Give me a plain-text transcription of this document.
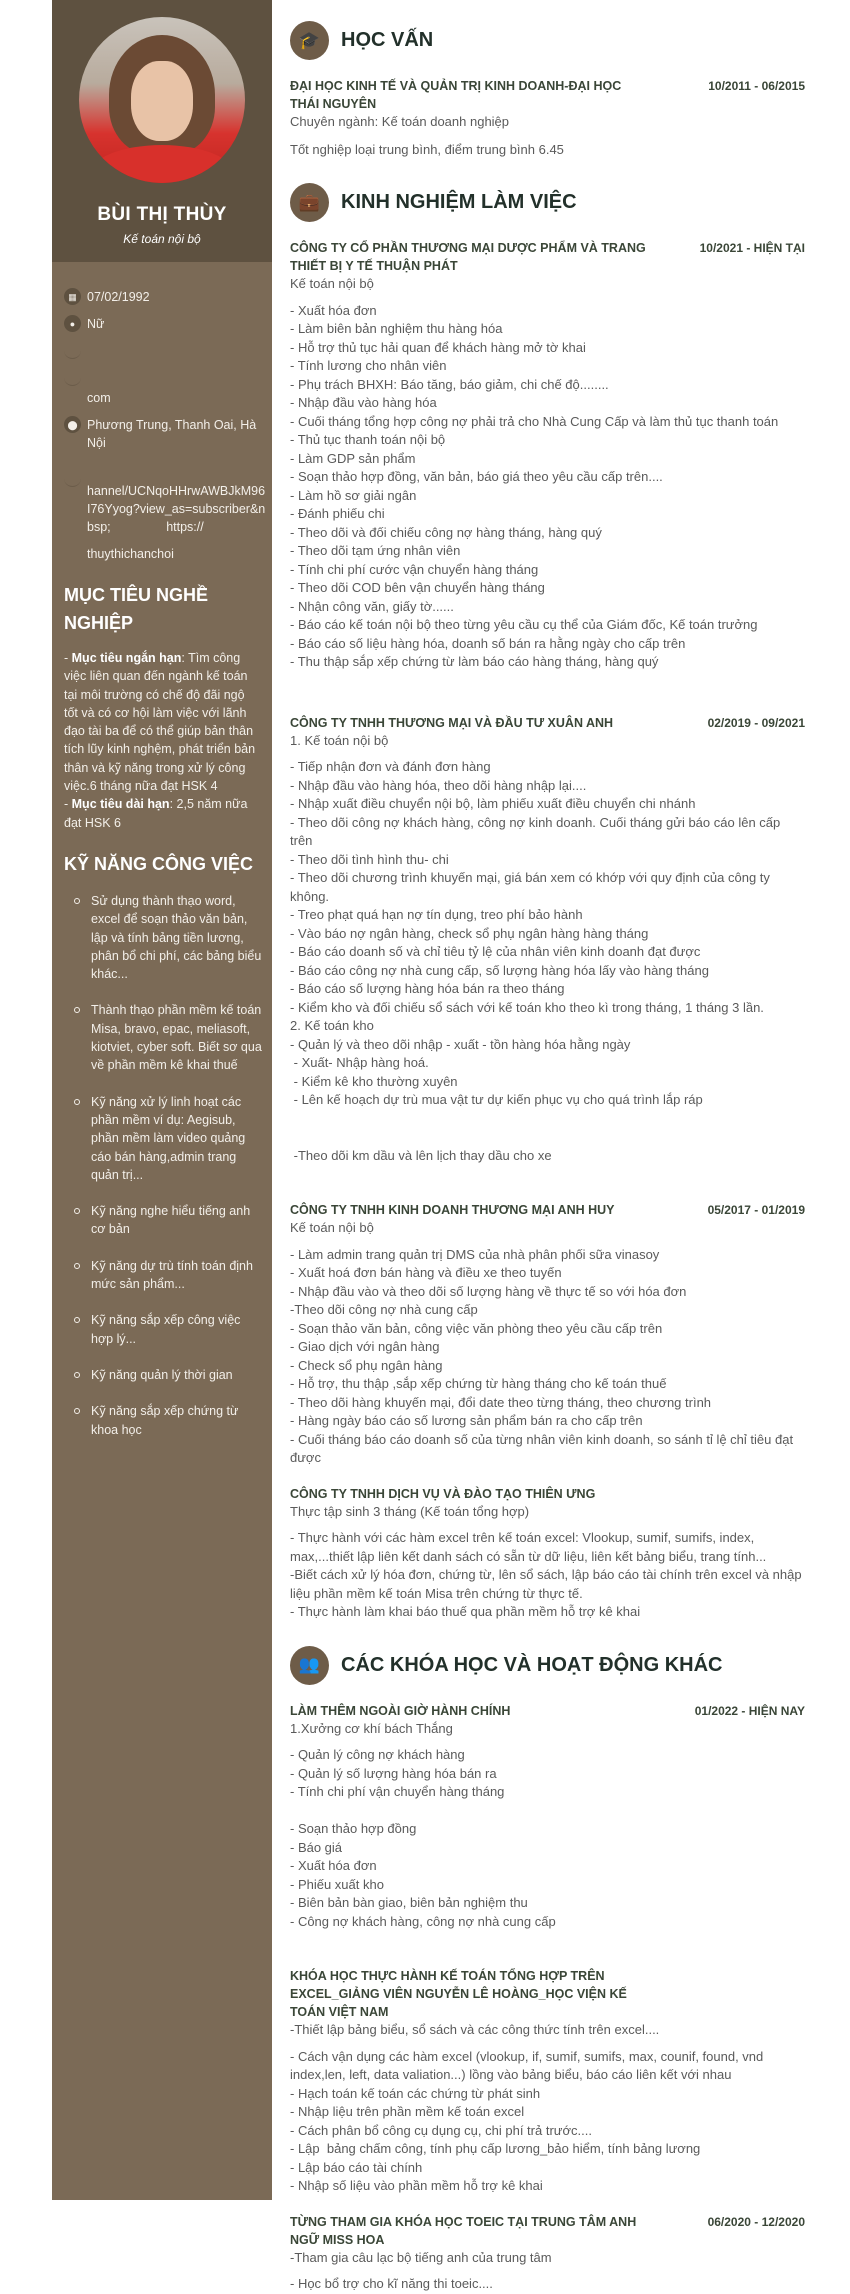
BÙI THỊ THÙY
Kế toán nội bộ
▦ 07/02/1992
● Nữ
com
⬤ Phương Trung, Thanh Oai, Hà Nội
hannel/UCNqoHHrwAWBJkM96I76Yyog?view_as=subscriber&nbsp;                https://
thuythichanchoi
MỤC TIÊU NGHỀ NGHIỆP
- Mục tiêu ngắn hạn: Tìm công việc liên quan đến ngành kế toán tại môi trường có chế độ đãi ngộ tốt và có cơ hội làm việc với lãnh đạo tài ba để có thể giúp bản thân tích lũy kinh nghệm, phát triển bản thân và kỹ năng trong xử lý công việc.6 tháng nữa đạt HSK 4
- Mục tiêu dài hạn: 2,5 năm nữa đạt HSK 6
KỸ NĂNG CÔNG VIỆC
Sử dụng thành thạo word, excel để soạn thảo văn bản, lập và tính bảng tiền lương, phân bổ chi phí, các bảng biểu khác...
Thành thạo phần mềm kế toán Misa, bravo, epac, meliasoft, kiotviet, cyber soft. Biết sơ qua về phần mềm kê khai thuế
Kỹ năng xử lý linh hoạt các phần mềm ví dụ: Aegisub, phần mềm làm video quảng cáo bán hàng,admin trang quản trị...
Kỹ năng nghe hiểu tiếng anh cơ bản
Kỹ năng dự trù tính toán định mức sản phẩm...
Kỹ năng sắp xếp công việc hợp lý...
Kỹ năng quản lý thời gian
Kỹ năng sắp xếp chứng từ khoa học
🎓	HỌC VẤN
ĐẠI HỌC KINH TẾ VÀ QUẢN TRỊ KINH DOANH-ĐẠI HỌC THÁI NGUYÊN
10/2011 - 06/2015
Chuyên ngành: Kế toán doanh nghiệp
Tốt nghiệp loại trung bình, điểm trung bình 6.45
💼	KINH NGHIỆM LÀM VIỆC
CÔNG TY CỔ PHẦN THƯƠNG MẠI DƯỢC PHẨM VÀ TRANG THIẾT BỊ Y TẾ THUẬN PHÁT
10/2021 - HIỆN TẠI
Kế toán nội bộ
- Xuất hóa đơn
- Làm biên bản nghiệm thu hàng hóa
- Hỗ trợ thủ tục hải quan để khách hàng mở tờ khai
- Tính lương cho nhân viên
- Phụ trách BHXH: Báo tăng, báo giảm, chi chế độ........
- Nhập đầu vào hàng hóa
- Cuối tháng tổng hợp công nợ phải trả cho Nhà Cung Cấp và làm thủ tục thanh toán
- Thủ tục thanh toán nội bộ
- Làm GDP sản phẩm
- Soạn thảo hợp đồng, văn bản, báo giá theo yêu cầu cấp trên....
- Làm hồ sơ giải ngân
- Đánh phiếu chi
- Theo dõi và đối chiếu công nợ hàng tháng, hàng quý
- Theo dõi tạm ứng nhân viên
- Tính chi phí cước vận chuyển hàng tháng
- Theo dõi COD bên vận chuyển hàng tháng
- Nhận công văn, giấy tờ......
- Báo cáo kế toán nội bộ theo từng yêu cầu cụ thể của Giám đốc, Kế toán trưởng
- Báo cáo số liệu hàng hóa, doanh số bán ra hằng ngày cho cấp trên
- Thu thập sắp xếp chứng từ làm báo cáo hàng tháng, hàng quý
CÔNG TY TNHH THƯƠNG MẠI VÀ ĐẦU TƯ XUÂN ANH	02/2019 - 09/2021
1. Kế toán nội bộ
- Tiếp nhận đơn và đánh đơn hàng
- Nhập đầu vào hàng hóa, theo dõi hàng nhập lại....
- Nhập xuất điều chuyển nội bộ, làm phiếu xuất điều chuyển chi nhánh
- Theo dõi công nợ khách hàng, công nợ kinh doanh. Cuối tháng gửi báo cáo lên cấp trên
- Theo dõi tình hình thu- chi
- Theo dõi chương trình khuyến mại, giá bán xem có khớp với quy định của công ty không.
- Treo phạt quá hạn nợ tín dụng, treo phí bảo hành
- Vào báo nợ ngân hàng, check sổ phụ ngân hàng hàng tháng
- Báo cáo doanh số và chỉ tiêu tỷ lệ của nhân viên kinh doanh đạt được
- Báo cáo công nợ nhà cung cấp, số lượng hàng hóa lấy vào hàng tháng
- Báo cáo số lượng hàng hóa bán ra theo tháng
- Kiểm kho và đối chiếu sổ sách với kế toán kho theo kì trong tháng, 1 tháng 3 lần.
2. Kế toán kho
- Quản lý và theo dõi nhập - xuất - tồn hàng hóa hằng ngày
- Xuất- Nhập hàng hoá.
- Kiểm kê kho thường xuyên
- Lên kế hoạch dự trù mua vật tư dự kiến phục vụ cho quá trình lắp ráp

-Theo dõi km dầu và lên lịch thay dầu cho xe
CÔNG TY TNHH KINH DOANH THƯƠNG MẠI ANH HUY	05/2017 - 01/2019
Kế toán nội bộ
- Làm admin trang quản trị DMS của nhà phân phối sữa vinasoy
- Xuất hoá đơn bán hàng và điều xe theo tuyến
- Nhập đầu vào và theo dõi số lượng hàng về thực tế so với hóa đơn
-Theo dõi công nợ nhà cung cấp
- Soạn thảo văn bản, công việc văn phòng theo yêu cầu cấp trên
- Giao dịch với ngân hàng
- Check sổ phụ ngân hàng
- Hỗ trợ, thu thập ,sắp xếp chứng từ hàng tháng cho kế toán thuế
- Theo dõi hàng khuyến mại, đổi date theo từng tháng, theo chương trình
- Hàng ngày báo cáo số lương sản phẩm bán ra cho cấp trên
- Cuối tháng báo cáo doanh số của từng nhân viên kinh doanh, so sánh tỉ lệ chỉ tiêu đạt được
CÔNG TY TNHH DỊCH VỤ VÀ ĐÀO TẠO THIÊN ƯNG
Thực tập sinh 3 tháng (Kế toán tổng hợp)
- Thực hành với các hàm excel trên kế toán excel: Vlookup, sumif, sumifs, index, max,...thiết lập liên kết danh sách có sẵn từ dữ liệu, liên kết bảng biểu, trang tính...
-Biết cách xử lý hóa đơn, chứng từ, lên sổ sách, lập báo cáo tài chính trên excel và nhập liệu phần mềm kế toán Misa trên chứng từ thực tế.
- Thực hành làm khai báo thuế qua phần mềm hỗ trợ kê khai
👥	CÁC KHÓA HỌC VÀ HOẠT ĐỘNG KHÁC
LÀM THÊM NGOÀI GIỜ HÀNH CHÍNH	01/2022 - HIỆN NAY
1.Xưởng cơ khí bách Thắng
- Quản lý công nợ khách hàng
- Quản lý số lượng hàng hóa bán ra
- Tính chi phí vận chuyển hàng tháng

- Soạn thảo hợp đồng
- Báo giá
- Xuất hóa đơn
- Phiếu xuất kho
- Biên bản bàn giao, biên bản nghiệm thu
- Công nợ khách hàng, công nợ nhà cung cấp
KHÓA HỌC THỰC HÀNH KẾ TOÁN TỔNG HỢP TRÊN EXCEL_GIẢNG VIÊN NGUYỄN LÊ HOÀNG_HỌC VIỆN KẾ TOÁN VIỆT NAM
-Thiết lập bảng biểu, sổ sách và các công thức tính trên excel....
- Cách vận dụng các hàm excel (vlookup, if, sumif, sumifs, max, counif, found, vnd index,len, left, data valiation...) lồng vào bảng biểu, báo cáo liên kết với nhau
- Hạch toán kế toán các chứng từ phát sinh
- Nhập liệu trên phần mềm kế toán excel
- Cách phân bổ công cụ dụng cụ, chi phí trả trước....
- Lập  bảng chấm công, tính phụ cấp lương_bảo hiểm, tính bảng lương
- Lập báo cáo tài chính
- Nhập số liệu vào phần mềm hỗ trợ kê khai
TỪNG THAM GIA KHÓA HỌC TOEIC TẠI TRUNG TÂM ANH NGỮ MISS HOA
06/2020 - 12/2020
-Tham gia câu lạc bộ tiếng anh của trung tâm
- Học bổ trợ cho kĩ năng thi toeic....
